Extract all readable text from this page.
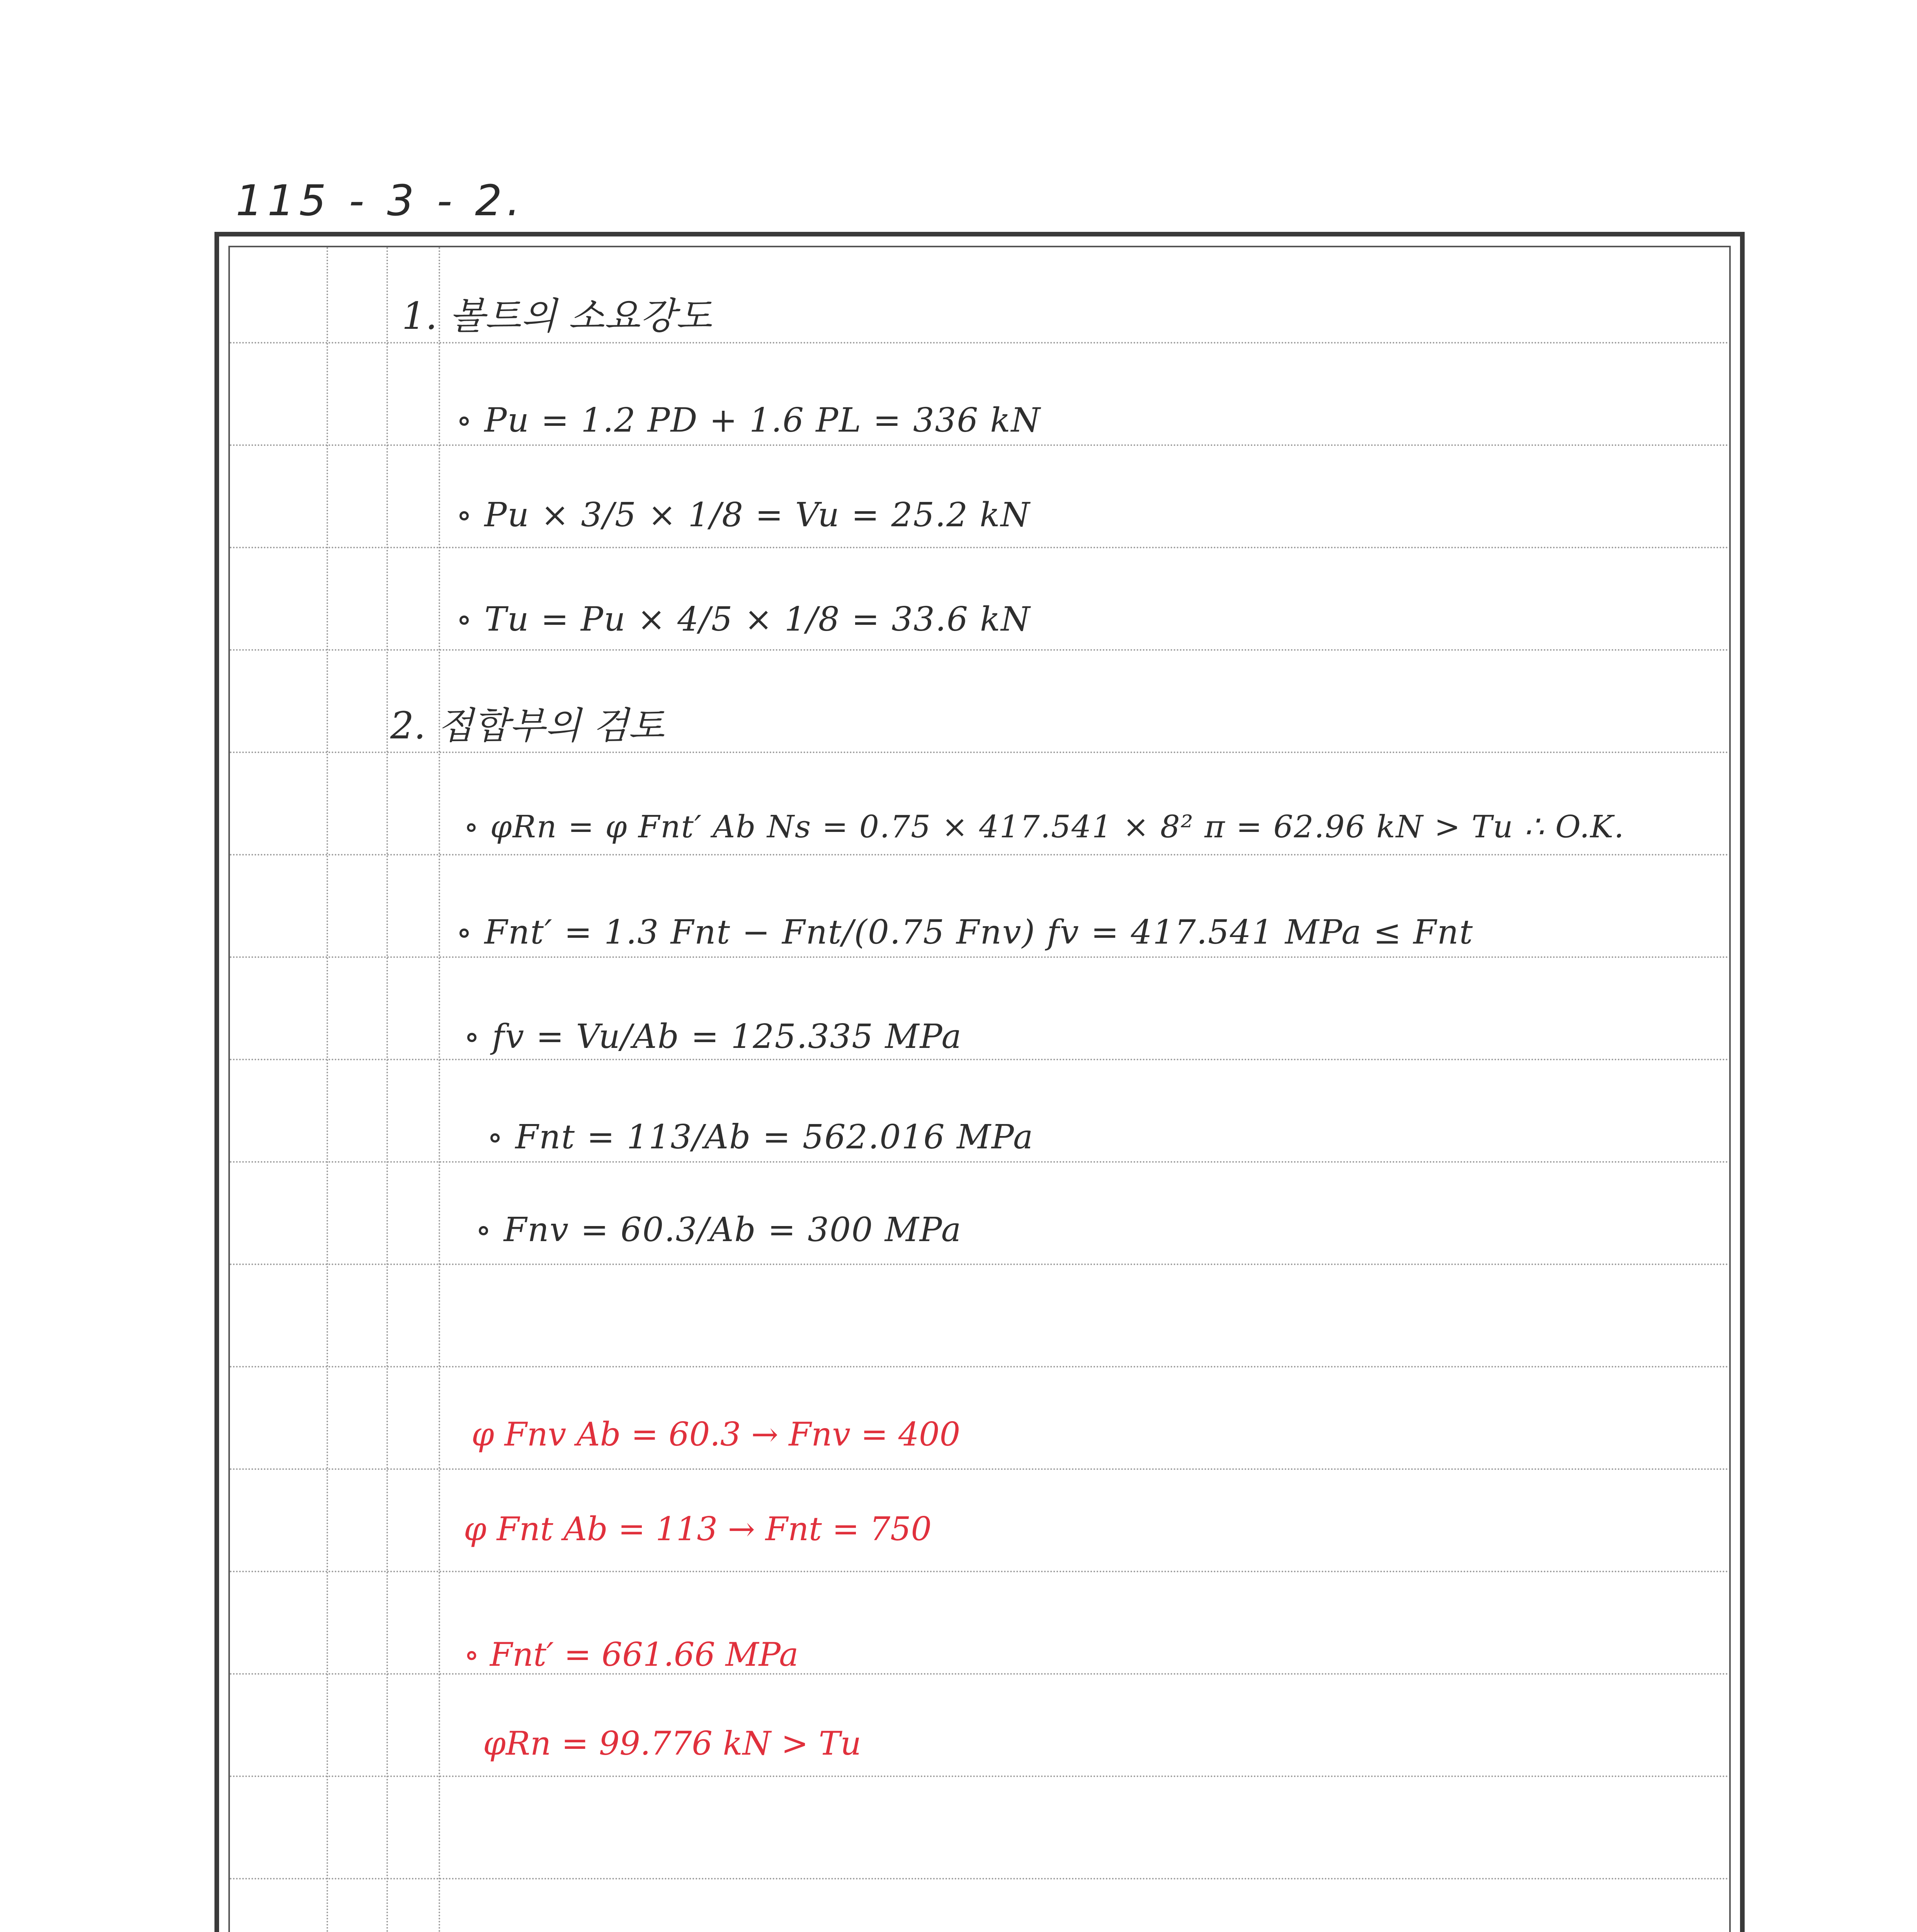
115 - 3 - 2.
1. 볼트의 소요강도
∘ Pu = 1.2 PD + 1.6 PL = 336 kN
∘ Pu × 3/5 × 1/8 = Vu = 25.2 kN
∘ Tu = Pu × 4/5 × 1/8 = 33.6 kN
2. 접합부의 검토
∘ φRn = φ Fnt′ Ab Ns = 0.75 × 417.541 × 8² π = 62.96 kN > Tu ∴ O.K.
∘ Fnt′ = 1.3 Fnt − Fnt/(0.75 Fnv) fv = 417.541 MPa ≤ Fnt
∘ fv = Vu/Ab = 125.335 MPa
∘ Fnt = 113/Ab = 562.016 MPa
∘ Fnv = 60.3/Ab = 300 MPa
φ Fnv Ab = 60.3 → Fnv = 400
φ Fnt Ab = 113 → Fnt = 750
∘ Fnt′ = 661.66 MPa
φRn = 99.776 kN > Tu
